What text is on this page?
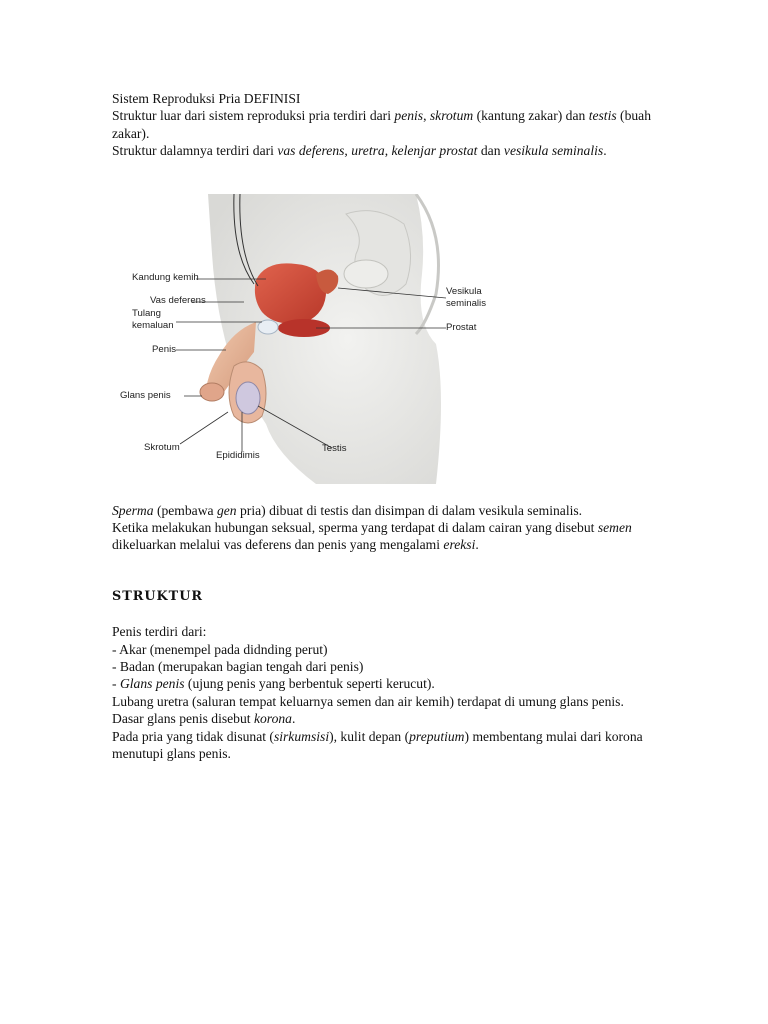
Sistem Reproduksi Pria DEFINISI

Struktur luar dari sistem reproduksi pria terdiri dari penis, skrotum (kantung zakar) dan testis (buah zakar).

Struktur dalamnya terdiri dari vas deferens, uretra, kelenjar prostat dan vesikula seminalis.

Kandung kemih
Vas deferens
Tulang
kemaluan
Penis
Glans penis
Skrotum
Epididimis
Testis
Vesikula
seminalis
Prostat

Sperma (pembawa gen pria) dibuat di testis dan disimpan di dalam vesikula seminalis.
Ketika melakukan hubungan seksual, sperma yang terdapat di dalam cairan yang disebut semen dikeluarkan melalui vas deferens dan penis yang mengalami ereksi.

STRUKTUR

Penis terdiri dari:

- Akar (menempel pada didnding perut)

- Badan (merupakan bagian tengah dari penis)

- Glans penis (ujung penis yang berbentuk seperti kerucut).

Lubang uretra (saluran tempat keluarnya semen dan air kemih) terdapat di umung glans penis.

Dasar glans penis disebut korona.

Pada pria yang tidak disunat (sirkumsisi), kulit depan (preputium) membentang mulai dari korona menutupi glans penis.
